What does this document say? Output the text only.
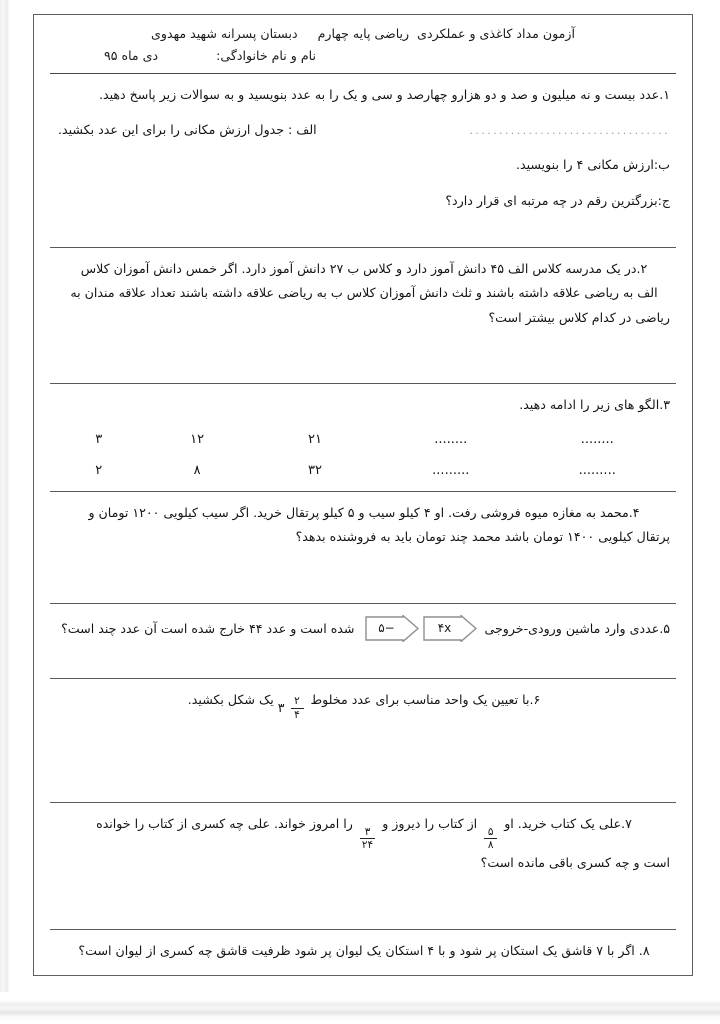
آزمون مداد کاغذی و عملکردی  ریاضی پایه چهارم     دبستان پسرانه شهید مهدوی
نام و نام خانوادگی:
دی ماه ۹۵

۱.عدد بیست و نه میلیون و صد و دو هزارو چهارصد و سی و یک را به عدد بنویسید و به سوالات زیر پاسخ دهید.

الف : جدول ارزش مکانی را برای این عدد بکشید.	..................................

ب:ارزش مکانی ۴ را بنویسید.

ج:بزرگترین رقم در چه مرتبه ای قرار دارد؟

۲.در یک مدرسه کلاس الف ۴۵ دانش آموز دارد و کلاس ب ۲۷ دانش آموز دارد. اگر خمس دانش آموزان کلاس

الف به ریاضی علاقه داشته باشند و ثلث دانش آموزان کلاس ب به ریاضی علاقه داشته باشند تعداد علاقه مندان به

ریاضی در کدام کلاس بیشتر است؟

۳.الگو های زیر را ادامه دهید.

........
........
۲۱
۱۲
۳
.........
.........
۳۲
۸
۲

۴.محمد به مغازه میوه فروشی رفت. او ۴ کیلو سیب و ۵ کیلو پرتقال خرید. اگر سیب کیلویی ۱۲۰۰ تومان و

پرتقال کیلویی ۱۴۰۰ تومان باشد محمد چند تومان باید به فروشنده بدهد؟

۵.عددی وارد ماشین ورودی-خروجی
۴x
۵−
شده است و عدد ۴۴ خارج شده است آن عدد چند است؟

۶.با تعیین یک واحد مناسب برای عدد مخلوط
۳ $\frac{۲}{۴}$
یک شکل بکشید.

۷.علی یک کتاب خرید. او
$\frac{۵}{۸}$
از کتاب را دیروز و
$\frac{۳}{۲۴}$
را امروز خواند. علی چه کسری از کتاب را خوانده

است و چه کسری باقی مانده است؟

۸. اگر با ۷ قاشق یک استکان پر شود و با ۴ استکان یک لیوان پر شود ظرفیت قاشق چه کسری از لیوان است؟
